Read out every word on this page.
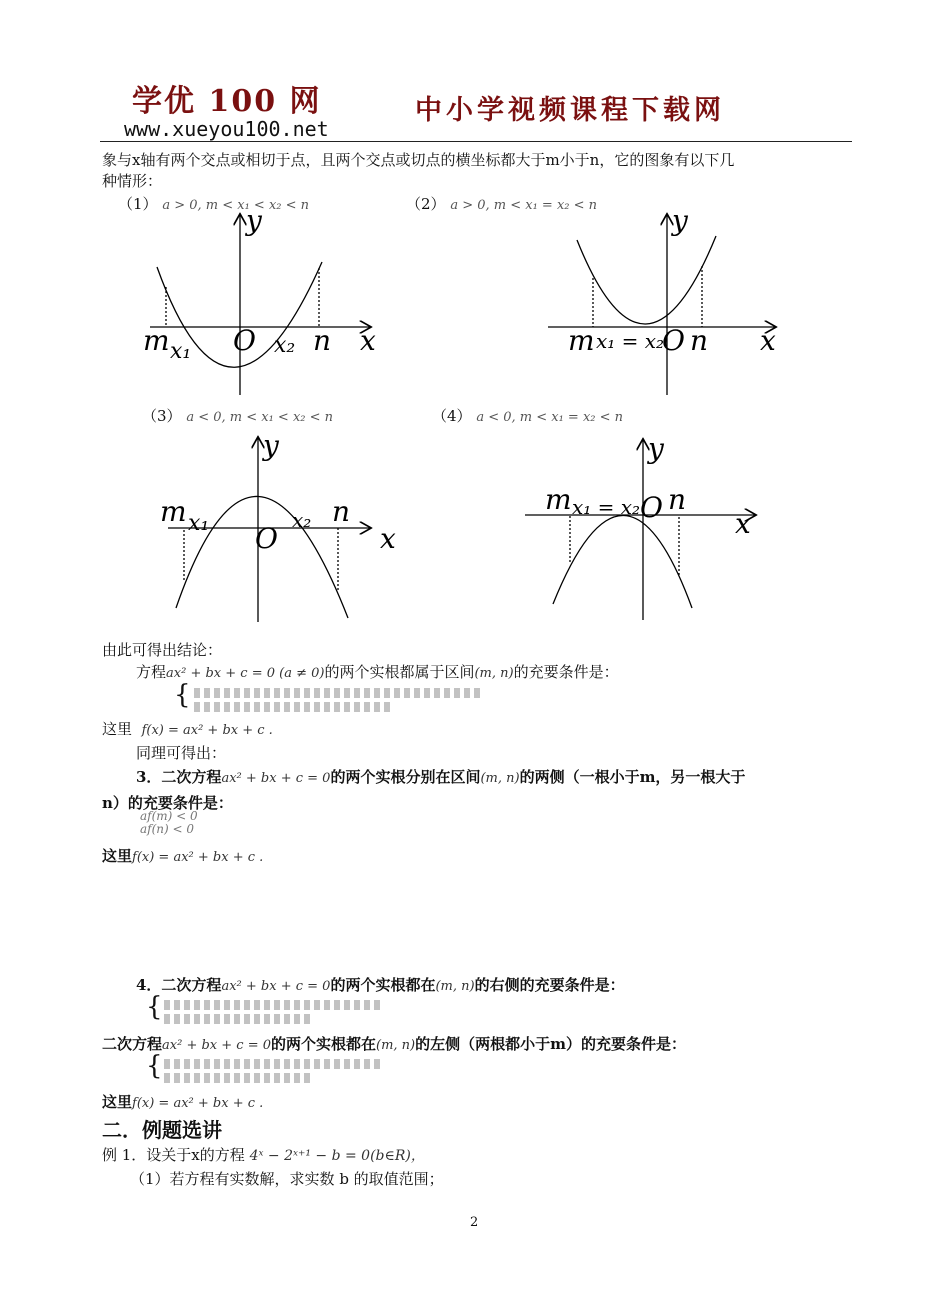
学优 100 网
www.xueyou100.net
中小学视频课程下载网
象与x轴有两个交点或相切于点，且两个交点或切点的横坐标都大于m小于n，它的图象有以下几
种情形：
（1） a > 0, m < x₁ < x₂ < n	（2） a > 0, m < x₁ = x₂ < n
（3） a < 0, m < x₁ < x₂ < n	（4） a < 0, m < x₁ = x₂ < n
x
y
O
m x₁	x₂ n	x
y
m x₁ = x₂
O n
x
y
O
m x₁	x₂ n	x
y
m x₁ = x₂ O n
由此可得出结论：
方程ax² + bx + c = 0 (a ≠ 0)的两个实根都属于区间(m, n)的充要条件是：
{
这里 f(x) = ax² + bx + c .
同理可得出：
3．二次方程ax² + bx + c = 0的两个实根分别在区间(m, n)的两侧（一根小于m，另一根大于
n）的充要条件是：
af(m) < 0
af(n) < 0
这里f(x) = ax² + bx + c .
4．二次方程ax² + bx + c = 0的两个实根都在(m, n)的右侧的充要条件是：
{
二次方程ax² + bx + c = 0的两个实根都在(m, n)的左侧（两根都小于m）的充要条件是：
{
这里f(x) = ax² + bx + c .
二．例题选讲
例 1．设关于x的方程 4ˣ − 2ˣ⁺¹ − b = 0(b∈R)，
（1）若方程有实数解，求实数 b 的取值范围；
2
